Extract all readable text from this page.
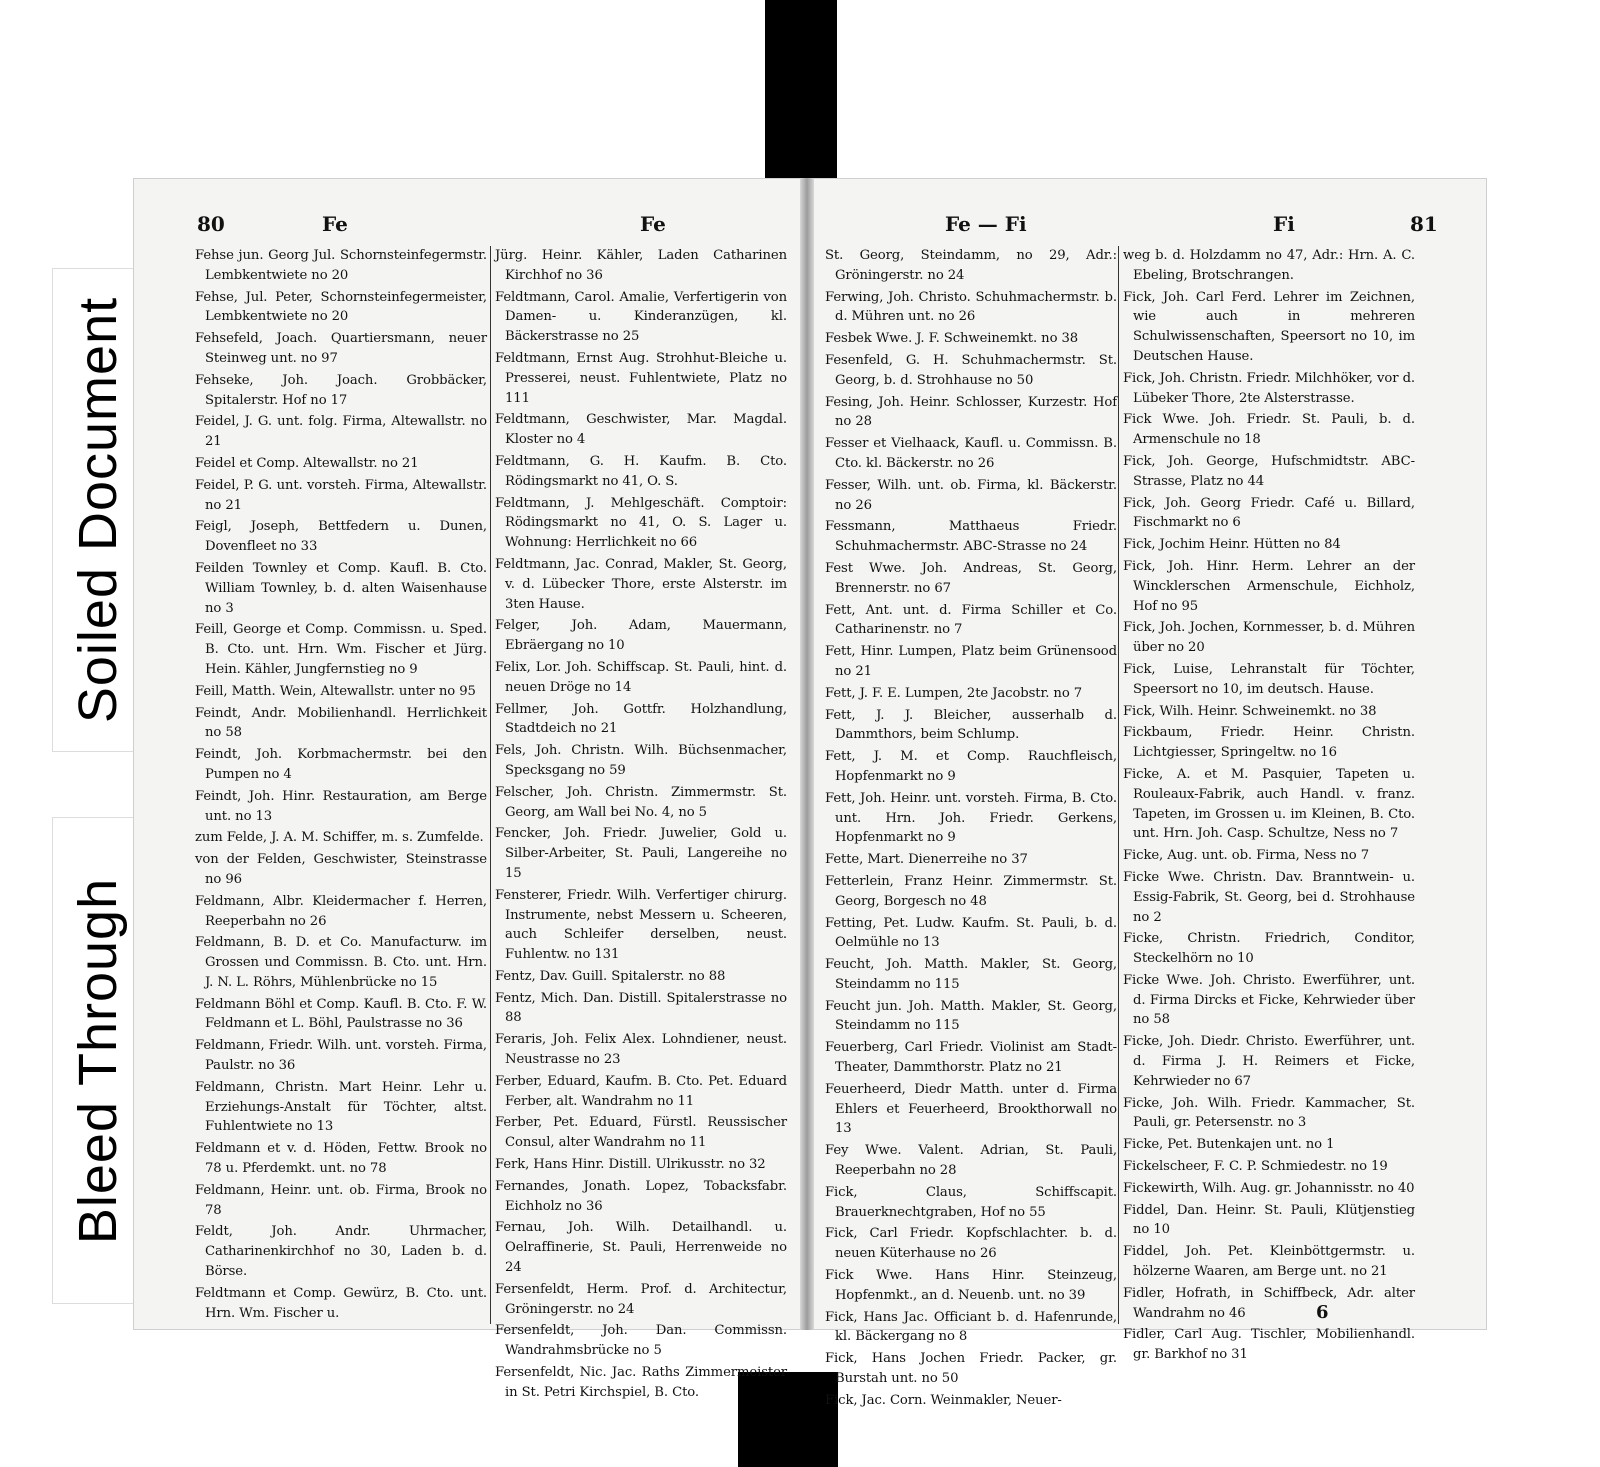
Soiled Document
Bleed Through
80	Fe	Fe	Fe — Fi	Fi	81
Fehse jun. Georg Jul. Schornsteinfegermstr. Lembkentwiete no 20
Fehse, Jul. Peter, Schornsteinfegermeister, Lembkentwiete no 20
Fehsefeld, Joach. Quartiersmann, neuer Steinweg unt. no 97
Fehseke, Joh. Joach. Grobbäcker, Spitalerstr. Hof no 17
Feidel, J. G. unt. folg. Firma, Altewallstr. no 21
Feidel et Comp. Altewallstr. no 21
Feidel, P. G. unt. vorsteh. Firma, Altewallstr. no 21
Feigl, Joseph, Bettfedern u. Dunen, Dovenfleet no 33
Feilden Townley et Comp. Kaufl. B. Cto. William Townley, b. d. alten Waisenhause no 3
Feill, George et Comp. Commissn. u. Sped. B. Cto. unt. Hrn. Wm. Fischer et Jürg. Hein. Kähler, Jungfernstieg no 9
Feill, Matth. Wein, Altewallstr. unter no 95
Feindt, Andr. Mobilienhandl. Herrlichkeit no 58
Feindt, Joh. Korbmachermstr. bei den Pumpen no 4
Feindt, Joh. Hinr. Restauration, am Berge unt. no 13
zum Felde, J. A. M. Schiffer, m. s. Zumfelde.
von der Felden, Geschwister, Steinstrasse no 96
Feldmann, Albr. Kleidermacher f. Herren, Reeperbahn no 26
Feldmann, B. D. et Co. Manufacturw. im Grossen und Commissn. B. Cto. unt. Hrn. J. N. L. Röhrs, Mühlenbrücke no 15
Feldmann Böhl et Comp. Kaufl. B. Cto. F. W. Feldmann et L. Böhl, Paulstrasse no 36
Feldmann, Friedr. Wilh. unt. vorsteh. Firma, Paulstr. no 36
Feldmann, Christn. Mart Heinr. Lehr u. Erziehungs-Anstalt für Töchter, altst. Fuhlentwiete no 13
Feldmann et v. d. Höden, Fettw. Brook no 78 u. Pferdemkt. unt. no 78
Feldmann, Heinr. unt. ob. Firma, Brook no 78
Feldt, Joh. Andr. Uhrmacher, Catharinenkirchhof no 30, Laden b. d. Börse.
Feldtmann et Comp. Gewürz, B. Cto. unt. Hrn. Wm. Fischer u.
Jürg. Heinr. Kähler, Laden Catharinen Kirchhof no 36
Feldtmann, Carol. Amalie, Verfertigerin von Damen- u. Kinderanzügen, kl. Bäckerstrasse no 25
Feldtmann, Ernst Aug. Strohhut-Bleiche u. Presserei, neust. Fuhlentwiete, Platz no 111
Feldtmann, Geschwister, Mar. Magdal. Kloster no 4
Feldtmann, G. H. Kaufm. B. Cto. Rödingsmarkt no 41, O. S.
Feldtmann, J. Mehlgeschäft. Comptoir: Rödingsmarkt no 41, O. S. Lager u. Wohnung: Herrlichkeit no 66
Feldtmann, Jac. Conrad, Makler, St. Georg, v. d. Lübecker Thore, erste Alsterstr. im 3ten Hause.
Felger, Joh. Adam, Mauermann, Ebräergang no 10
Felix, Lor. Joh. Schiffscap. St. Pauli, hint. d. neuen Dröge no 14
Fellmer, Joh. Gottfr. Holzhandlung, Stadtdeich no 21
Fels, Joh. Christn. Wilh. Büchsenmacher, Specksgang no 59
Felscher, Joh. Christn. Zimmermstr. St. Georg, am Wall bei No. 4, no 5
Fencker, Joh. Friedr. Juwelier, Gold u. Silber-Arbeiter, St. Pauli, Langereihe no 15
Fensterer, Friedr. Wilh. Verfertiger chirurg. Instrumente, nebst Messern u. Scheeren, auch Schleifer derselben, neust. Fuhlentw. no 131
Fentz, Dav. Guill. Spitalerstr. no 88
Fentz, Mich. Dan. Distill. Spitalerstrasse no 88
Feraris, Joh. Felix Alex. Lohndiener, neust. Neustrasse no 23
Ferber, Eduard, Kaufm. B. Cto. Pet. Eduard Ferber, alt. Wandrahm no 11
Ferber, Pet. Eduard, Fürstl. Reussischer Consul, alter Wandrahm no 11
Ferk, Hans Hinr. Distill. Ulrikusstr. no 32
Fernandes, Jonath. Lopez, Tobacksfabr. Eichholz no 36
Fernau, Joh. Wilh. Detailhandl. u. Oelraffinerie, St. Pauli, Herrenweide no 24
Fersenfeldt, Herm. Prof. d. Architectur, Gröningerstr. no 24
Fersenfeldt, Joh. Dan. Commissn. Wandrahmsbrücke no 5
Fersenfeldt, Nic. Jac. Raths Zimmermeister in St. Petri Kirchspiel, B. Cto.
St. Georg, Steindamm, no 29, Adr.: Gröningerstr. no 24
Ferwing, Joh. Christo. Schuhmachermstr. b. d. Mühren unt. no 26
Fesbek Wwe. J. F. Schweinemkt. no 38
Fesenfeld, G. H. Schuhmachermstr. St. Georg, b. d. Strohhause no 50
Fesing, Joh. Heinr. Schlosser, Kurzestr. Hof no 28
Fesser et Vielhaack, Kaufl. u. Commissn. B. Cto. kl. Bäckerstr. no 26
Fesser, Wilh. unt. ob. Firma, kl. Bäckerstr. no 26
Fessmann, Matthaeus Friedr. Schuhmachermstr. ABC-Strasse no 24
Fest Wwe. Joh. Andreas, St. Georg, Brennerstr. no 67
Fett, Ant. unt. d. Firma Schiller et Co. Catharinenstr. no 7
Fett, Hinr. Lumpen, Platz beim Grünensood no 21
Fett, J. F. E. Lumpen, 2te Jacobstr. no 7
Fett, J. J. Bleicher, ausserhalb d. Dammthors, beim Schlump.
Fett, J. M. et Comp. Rauchfleisch, Hopfenmarkt no 9
Fett, Joh. Heinr. unt. vorsteh. Firma, B. Cto. unt. Hrn. Joh. Friedr. Gerkens, Hopfenmarkt no 9
Fette, Mart. Dienerreihe no 37
Fetterlein, Franz Heinr. Zimmermstr. St. Georg, Borgesch no 48
Fetting, Pet. Ludw. Kaufm. St. Pauli, b. d. Oelmühle no 13
Feucht, Joh. Matth. Makler, St. Georg, Steindamm no 115
Feucht jun. Joh. Matth. Makler, St. Georg, Steindamm no 115
Feuerberg, Carl Friedr. Violinist am Stadt-Theater, Dammthorstr. Platz no 21
Feuerheerd, Diedr Matth. unter d. Firma Ehlers et Feuerheerd, Brookthorwall no 13
Fey Wwe. Valent. Adrian, St. Pauli, Reeperbahn no 28
Fick, Claus, Schiffscapit. Brauerknechtgraben, Hof no 55
Fick, Carl Friedr. Kopfschlachter. b. d. neuen Küterhause no 26
Fick Wwe. Hans Hinr. Steinzeug, Hopfenmkt., an d. Neuenb. unt. no 39
Fick, Hans Jac. Officiant b. d. Hafenrunde, kl. Bäckergang no 8
Fick, Hans Jochen Friedr. Packer, gr. Burstah unt. no 50
Fick, Jac. Corn. Weinmakler, Neuer-
weg b. d. Holzdamm no 47, Adr.: Hrn. A. C. Ebeling, Brotschrangen.
Fick, Joh. Carl Ferd. Lehrer im Zeichnen, wie auch in mehreren Schulwissenschaften, Speersort no 10, im Deutschen Hause.
Fick, Joh. Christn. Friedr. Milchhöker, vor d. Lübeker Thore, 2te Alsterstrasse.
Fick Wwe. Joh. Friedr. St. Pauli, b. d. Armenschule no 18
Fick, Joh. George, Hufschmidtstr. ABC-Strasse, Platz no 44
Fick, Joh. Georg Friedr. Café u. Billard, Fischmarkt no 6
Fick, Jochim Heinr. Hütten no 84
Fick, Joh. Hinr. Herm. Lehrer an der Wincklerschen Armenschule, Eichholz, Hof no 95
Fick, Joh. Jochen, Kornmesser, b. d. Mühren über no 20
Fick, Luise, Lehranstalt für Töchter, Speersort no 10, im deutsch. Hause.
Fick, Wilh. Heinr. Schweinemkt. no 38
Fickbaum, Friedr. Heinr. Christn. Lichtgiesser, Springeltw. no 16
Ficke, A. et M. Pasquier, Tapeten u. Rouleaux-Fabrik, auch Handl. v. franz. Tapeten, im Grossen u. im Kleinen, B. Cto. unt. Hrn. Joh. Casp. Schultze, Ness no 7
Ficke, Aug. unt. ob. Firma, Ness no 7
Ficke Wwe. Christn. Dav. Branntwein- u. Essig-Fabrik, St. Georg, bei d. Strohhause no 2
Ficke, Christn. Friedrich, Conditor, Steckelhörn no 10
Ficke Wwe. Joh. Christo. Ewerführer, unt. d. Firma Dircks et Ficke, Kehrwieder über no 58
Ficke, Joh. Diedr. Christo. Ewerführer, unt. d. Firma J. H. Reimers et Ficke, Kehrwieder no 67
Ficke, Joh. Wilh. Friedr. Kammacher, St. Pauli, gr. Petersenstr. no 3
Ficke, Pet. Butenkajen unt. no 1
Fickelscheer, F. C. P. Schmiedestr. no 19
Fickewirth, Wilh. Aug. gr. Johannisstr. no 40
Fiddel, Dan. Heinr. St. Pauli, Klütjenstieg no 10
Fiddel, Joh. Pet. Kleinböttgermstr. u. hölzerne Waaren, am Berge unt. no 21
Fidler, Hofrath, in Schiffbeck, Adr. alter Wandrahm no 46
Fidler, Carl Aug. Tischler, Mobilienhandl. gr. Barkhof no 31
6
